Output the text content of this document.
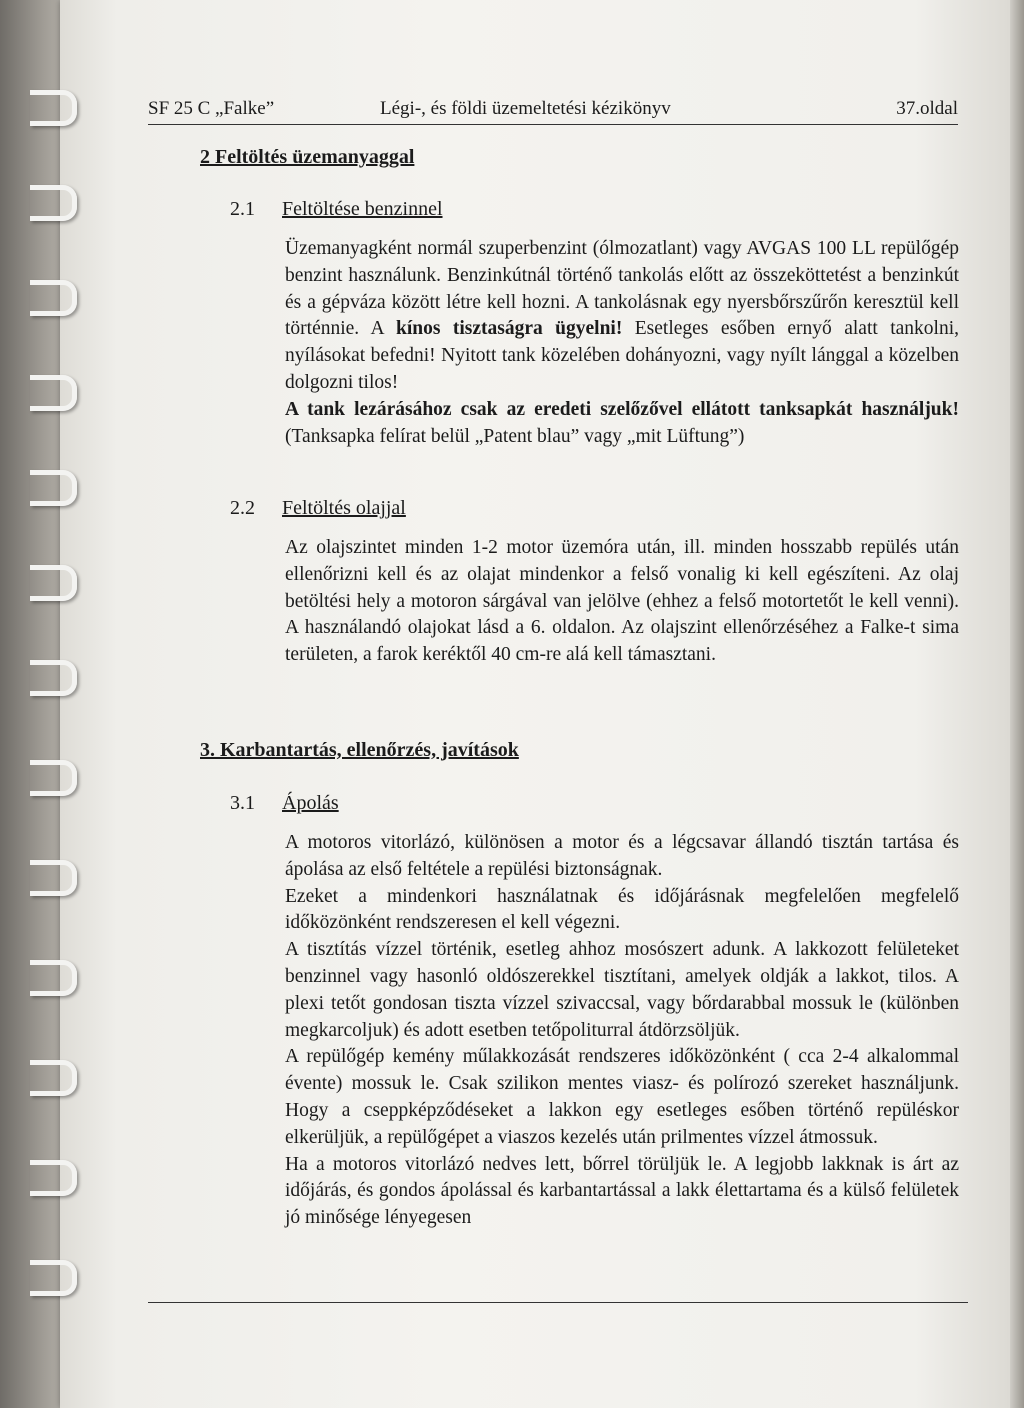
SF 25 C „Falke”	Légi-, és földi üzemeltetési kézikönyv	37.oldal
2 Feltöltés üzemanyaggal
2.1 Feltöltése benzinnel

Üzemanyagként normál szuperbenzint (ólmozatlant) vagy AVGAS 100 LL repülőgép benzint használunk. Benzinkútnál történő tankolás előtt az összeköttetést a benzinkút és a gépváza között létre kell hozni. A tankolásnak egy nyersbőrszűrőn keresztül kell történnie. A kínos tisztaságra ügyelni! Esetleges esőben ernyő alatt tankolni, nyílásokat befedni! Nyitott tank közelében dohányozni, vagy nyílt lánggal a közelben dolgozni tilos!

A tank lezárásához csak az eredeti szelőzővel ellátott tanksapkát használjuk! (Tanksapka felírat belül „Patent blau” vagy „mit Lüftung”)

2.2 Feltöltés olajjal

Az olajszintet minden 1-2 motor üzemóra után, ill. minden hosszabb repülés után ellenőrizni kell és az olajat mindenkor a felső vonalig ki kell egészíteni. Az olaj betöltési hely a motoron sárgával van jelölve (ehhez a felső motortetőt le kell venni). A használandó olajokat lásd a 6. oldalon. Az olajszint ellenőrzéséhez a Falke-t sima területen, a farok keréktől 40 cm-re alá kell támasztani.

3. Karbantartás, ellenőrzés, javítások
3.1 Ápolás

A motoros vitorlázó, különösen a motor és a légcsavar állandó tisztán tartása és ápolása az első feltétele a repülési biztonságnak.

Ezeket a mindenkori használatnak és időjárásnak megfelelően megfelelő időközönként rendszeresen el kell végezni.

A tisztítás vízzel történik, esetleg ahhoz mosószert adunk. A lakkozott felületeket benzinnel vagy hasonló oldószerekkel tisztítani, amelyek oldják a lakkot, tilos. A plexi tetőt gondosan tiszta vízzel szivaccsal, vagy bőrdarabbal mossuk le (különben megkarcoljuk) és adott esetben tetőpoliturral átdörzsöljük.

A repülőgép kemény műlakkozását rendszeres időközönként ( cca 2-4 alkalommal évente) mossuk le. Csak szilikon mentes viasz- és polírozó szereket használjunk. Hogy a cseppképződéseket a lakkon egy esetleges esőben történő repüléskor elkerüljük, a repülőgépet a viaszos kezelés után prilmentes vízzel átmossuk.

Ha a motoros vitorlázó nedves lett, bőrrel törüljük le. A legjobb lakknak is árt az időjárás, és gondos ápolással és karbantartással a lakk élettartama és a külső felületek jó minősége lényegesen
